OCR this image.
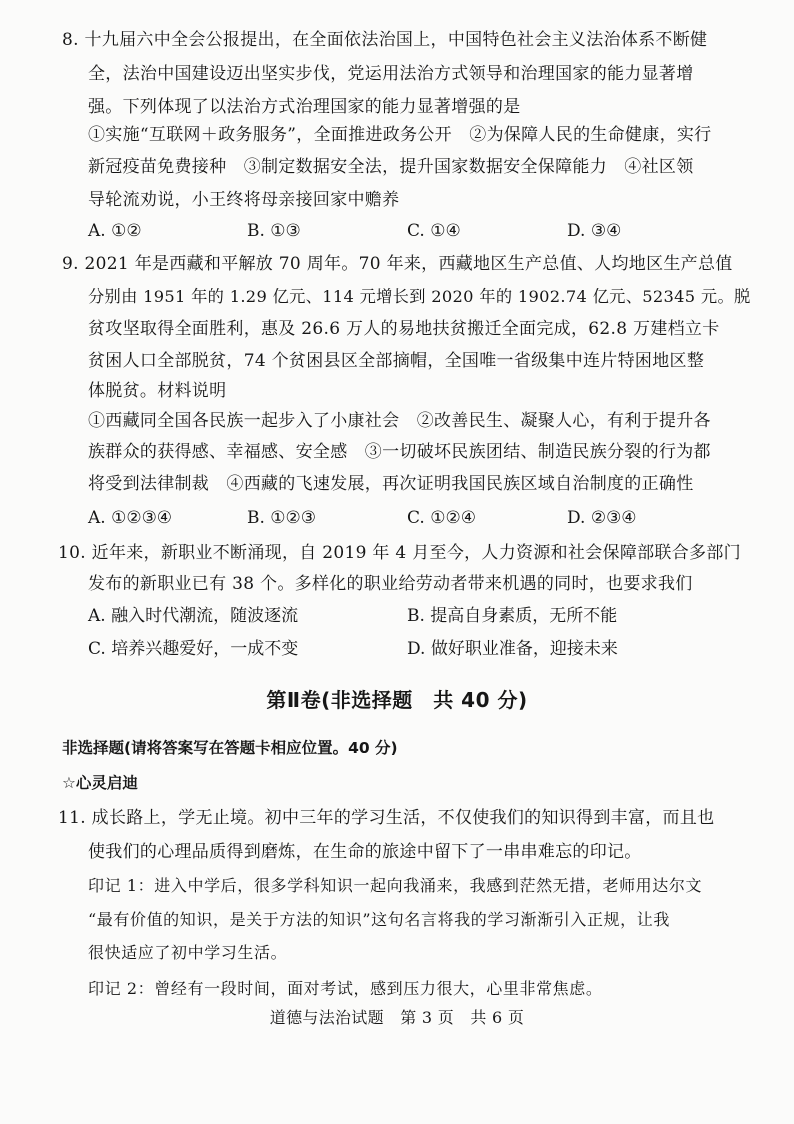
8. 十九届六中全会公报提出，在全面依法治国上，中国特色社会主义法治体系不断健
全，法治中国建设迈出坚实步伐，党运用法治方式领导和治理国家的能力显著增
强。下列体现了以法治方式治理国家的能力显著增强的是
①实施“互联网＋政务服务”，全面推进政务公开　②为保障人民的生命健康，实行
新冠疫苗免费接种　③制定数据安全法，提升国家数据安全保障能力　④社区领
导轮流劝说，小王终将母亲接回家中赡养
A. ①②	B. ①③	C. ①④	D. ③④
9. 2021 年是西藏和平解放 70 周年。70 年来，西藏地区生产总值、人均地区生产总值
分别由 1951 年的 1.29 亿元、114 元增长到 2020 年的 1902.74 亿元、52345 元。脱
贫攻坚取得全面胜利，惠及 26.6 万人的易地扶贫搬迁全面完成，62.8 万建档立卡
贫困人口全部脱贫，74 个贫困县区全部摘帽，全国唯一省级集中连片特困地区整
体脱贫。材料说明
①西藏同全国各民族一起步入了小康社会　②改善民生、凝聚人心，有利于提升各
族群众的获得感、幸福感、安全感　③一切破坏民族团结、制造民族分裂的行为都
将受到法律制裁　④西藏的飞速发展，再次证明我国民族区域自治制度的正确性
A. ①②③④	B. ①②③	C. ①②④	D. ②③④
10. 近年来，新职业不断涌现，自 2019 年 4 月至今，人力资源和社会保障部联合多部门
发布的新职业已有 38 个。多样化的职业给劳动者带来机遇的同时，也要求我们
A. 融入时代潮流，随波逐流	B. 提高自身素质，无所不能
C. 培养兴趣爱好，一成不变	D. 做好职业准备，迎接未来
第Ⅱ卷(非选择题　共 40 分)
非选择题(请将答案写在答题卡相应位置。40 分)
☆心灵启迪
11. 成长路上，学无止境。初中三年的学习生活，不仅使我们的知识得到丰富，而且也
使我们的心理品质得到磨炼，在生命的旅途中留下了一串串难忘的印记。
印记 1：进入中学后，很多学科知识一起向我涌来，我感到茫然无措，老师用达尔文
“最有价值的知识，是关于方法的知识”这句名言将我的学习渐渐引入正规，让我
很快适应了初中学习生活。
印记 2：曾经有一段时间，面对考试，感到压力很大，心里非常焦虑。
道德与法治试题　第 3 页　共 6 页
